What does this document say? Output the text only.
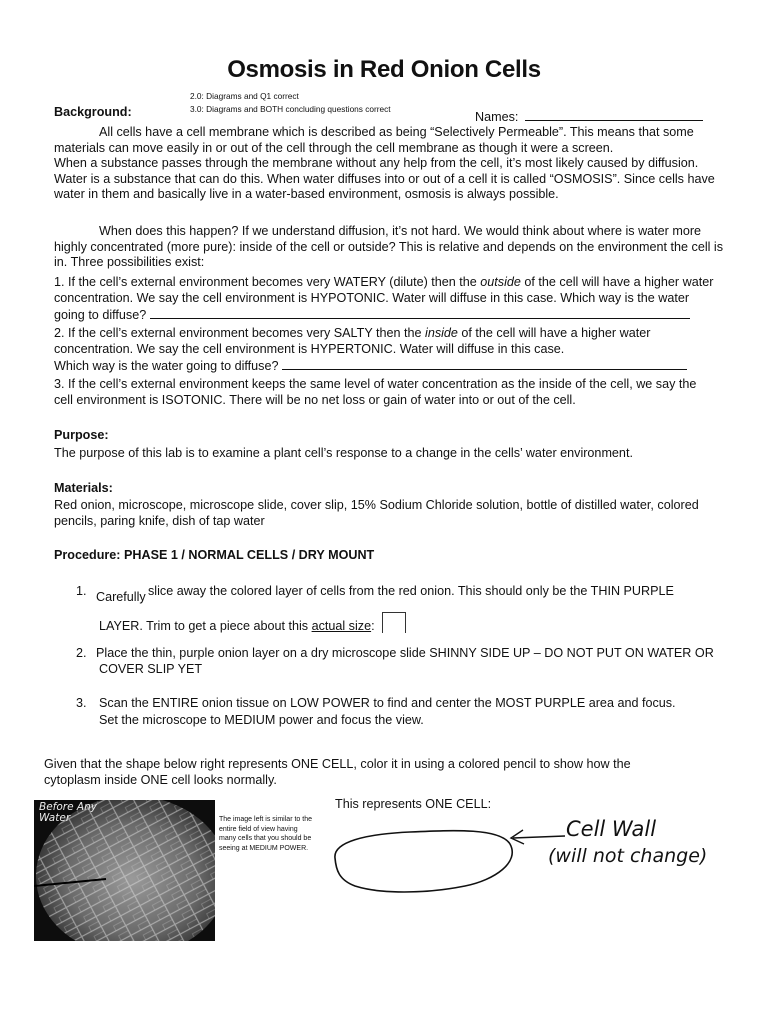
Osmosis in Red Onion Cells
2.0: Diagrams and Q1 correct
3.0: Diagrams and BOTH concluding questions correct
Background:	Names:
All cells have a cell membrane which is described as being “Selectively Permeable”. This means that some
materials can move easily in or out of the cell through the cell membrane as though it were a screen.
When a substance passes through the membrane without any help from the cell, it’s most likely caused by diffusion.
Water is a substance that can do this. When water diffuses into or out of a cell it is called “OSMOSIS”. Since cells have
water in them and basically live in a water-based environment, osmosis is always possible.
When does this happen? If we understand diffusion, it’s not hard. We would think about where is water more
highly concentrated (more pure): inside of the cell or outside? This is relative and depends on the environment the cell is
in. Three possibilities exist:
1. If the cell’s external environment becomes very WATERY (dilute) then the outside of the cell will have a higher water
concentration. We say the cell environment is HYPOTONIC. Water will diffuse in this case. Which way is the water
going to diffuse?
2. If the cell’s external environment becomes very SALTY then the inside of the cell will have a higher water
concentration. We say the cell environment is HYPERTONIC. Water will diffuse in this case.
Which way is the water going to diffuse?
3. If the cell’s external environment keeps the same level of water concentration as the inside of the cell, we say the
cell environment is ISOTONIC. There will be no net loss or gain of water into or out of the cell.
Purpose:
The purpose of this lab is to examine a plant cell’s response to a change in the cells’ water environment.
Materials:
Red onion, microscope, microscope slide, cover slip, 15% Sodium Chloride solution, bottle of distilled water, colored
pencils, paring knife, dish of tap water
Procedure: PHASE 1 / NORMAL CELLS / DRY MOUNT
1. Carefully slice away the colored layer of cells from the red onion. This should only be the THIN PURPLE
LAYER. Trim to get a piece about this actual size:
2. Place the thin, purple onion layer on a dry microscope slide SHINNY SIDE UP – DO NOT PUT ON WATER OR
COVER SLIP YET
3. Scan the ENTIRE onion tissue on LOW POWER to find and center the MOST PURPLE area and focus.
Set the microscope to MEDIUM power and focus the view.
Given that the shape below right represents ONE CELL, color it in using a colored pencil to show how the
cytoplasm inside ONE cell looks normally.
Before Any
Water	The image left is similar to the
entire field of view having
many cells that you should be
seeing at MEDIUM POWER.
This represents ONE CELL:
Cell Wall
(will not change)
